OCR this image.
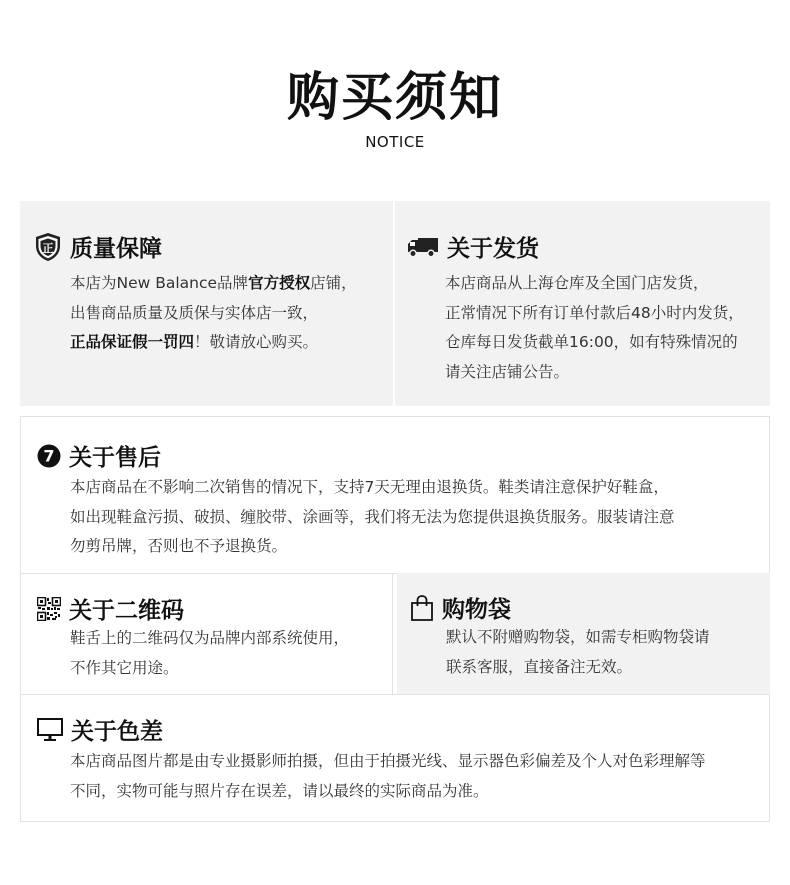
购买须知
NOTICE
正 质量保障
本店为New Balance品牌官方授权店铺，
出售商品质量及质保与实体店一致，
正品保证假一罚四！敬请放心购买。
关于发货
本店商品从上海仓库及全国门店发货，
正常情况下所有订单付款后48小时内发货，
仓库每日发货截单16:00，如有特殊情况的
请关注店铺公告。
7 关于售后
本店商品在不影响二次销售的情况下，支持7天无理由退换货。鞋类请注意保护好鞋盒，
如出现鞋盒污损、破损、缠胶带、涂画等，我们将无法为您提供退换货服务。服装请注意
勿剪吊牌，否则也不予退换货。
关于二维码
鞋舌上的二维码仅为品牌内部系统使用，
不作其它用途。
购物袋
默认不附赠购物袋，如需专柜购物袋请
联系客服，直接备注无效。
关于色差
本店商品图片都是由专业摄影师拍摄，但由于拍摄光线、显示器色彩偏差及个人对色彩理解等
不同，实物可能与照片存在误差，请以最终的实际商品为准。
